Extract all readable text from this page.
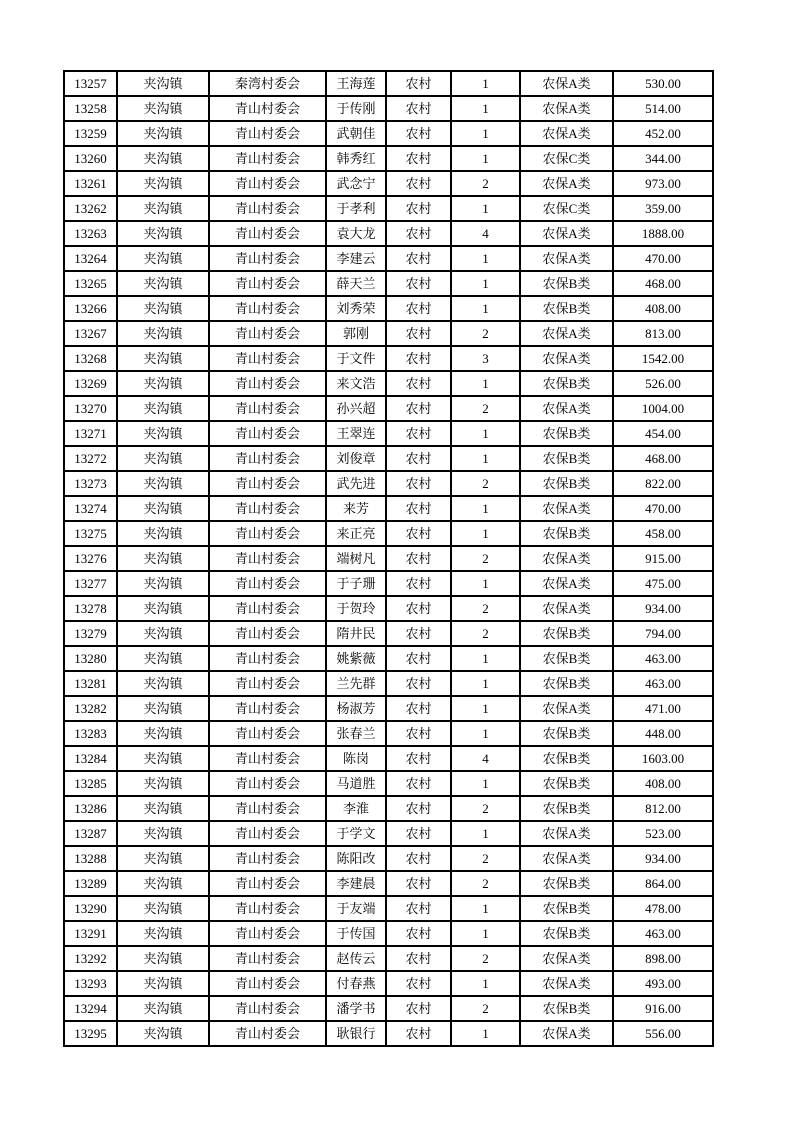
13257	夹沟镇	秦湾村委会	王海莲	农村	1	农保A类	530.00
13258	夹沟镇	青山村委会	于传刚	农村	1	农保A类	514.00
13259	夹沟镇	青山村委会	武朝佳	农村	1	农保A类	452.00
13260	夹沟镇	青山村委会	韩秀红	农村	1	农保C类	344.00
13261	夹沟镇	青山村委会	武念宁	农村	2	农保A类	973.00
13262	夹沟镇	青山村委会	于孝利	农村	1	农保C类	359.00
13263	夹沟镇	青山村委会	袁大龙	农村	4	农保A类	1888.00
13264	夹沟镇	青山村委会	李建云	农村	1	农保A类	470.00
13265	夹沟镇	青山村委会	薛天兰	农村	1	农保B类	468.00
13266	夹沟镇	青山村委会	刘秀荣	农村	1	农保B类	408.00
13267	夹沟镇	青山村委会	郭刚	农村	2	农保A类	813.00
13268	夹沟镇	青山村委会	于文件	农村	3	农保A类	1542.00
13269	夹沟镇	青山村委会	来文浩	农村	1	农保B类	526.00
13270	夹沟镇	青山村委会	孙兴超	农村	2	农保A类	1004.00
13271	夹沟镇	青山村委会	王翠连	农村	1	农保B类	454.00
13272	夹沟镇	青山村委会	刘俊章	农村	1	农保B类	468.00
13273	夹沟镇	青山村委会	武先进	农村	2	农保B类	822.00
13274	夹沟镇	青山村委会	来芳	农村	1	农保A类	470.00
13275	夹沟镇	青山村委会	来正亮	农村	1	农保B类	458.00
13276	夹沟镇	青山村委会	端树凡	农村	2	农保A类	915.00
13277	夹沟镇	青山村委会	于子珊	农村	1	农保A类	475.00
13278	夹沟镇	青山村委会	于贺玲	农村	2	农保A类	934.00
13279	夹沟镇	青山村委会	隋井民	农村	2	农保B类	794.00
13280	夹沟镇	青山村委会	姚紫薇	农村	1	农保B类	463.00
13281	夹沟镇	青山村委会	兰先群	农村	1	农保B类	463.00
13282	夹沟镇	青山村委会	杨淑芳	农村	1	农保A类	471.00
13283	夹沟镇	青山村委会	张春兰	农村	1	农保B类	448.00
13284	夹沟镇	青山村委会	陈岗	农村	4	农保B类	1603.00
13285	夹沟镇	青山村委会	马道胜	农村	1	农保B类	408.00
13286	夹沟镇	青山村委会	李淮	农村	2	农保B类	812.00
13287	夹沟镇	青山村委会	于学文	农村	1	农保A类	523.00
13288	夹沟镇	青山村委会	陈阳改	农村	2	农保A类	934.00
13289	夹沟镇	青山村委会	李建晨	农村	2	农保B类	864.00
13290	夹沟镇	青山村委会	于友端	农村	1	农保B类	478.00
13291	夹沟镇	青山村委会	于传国	农村	1	农保B类	463.00
13292	夹沟镇	青山村委会	赵传云	农村	2	农保A类	898.00
13293	夹沟镇	青山村委会	付春燕	农村	1	农保A类	493.00
13294	夹沟镇	青山村委会	潘学书	农村	2	农保B类	916.00
13295	夹沟镇	青山村委会	耿银行	农村	1	农保A类	556.00
